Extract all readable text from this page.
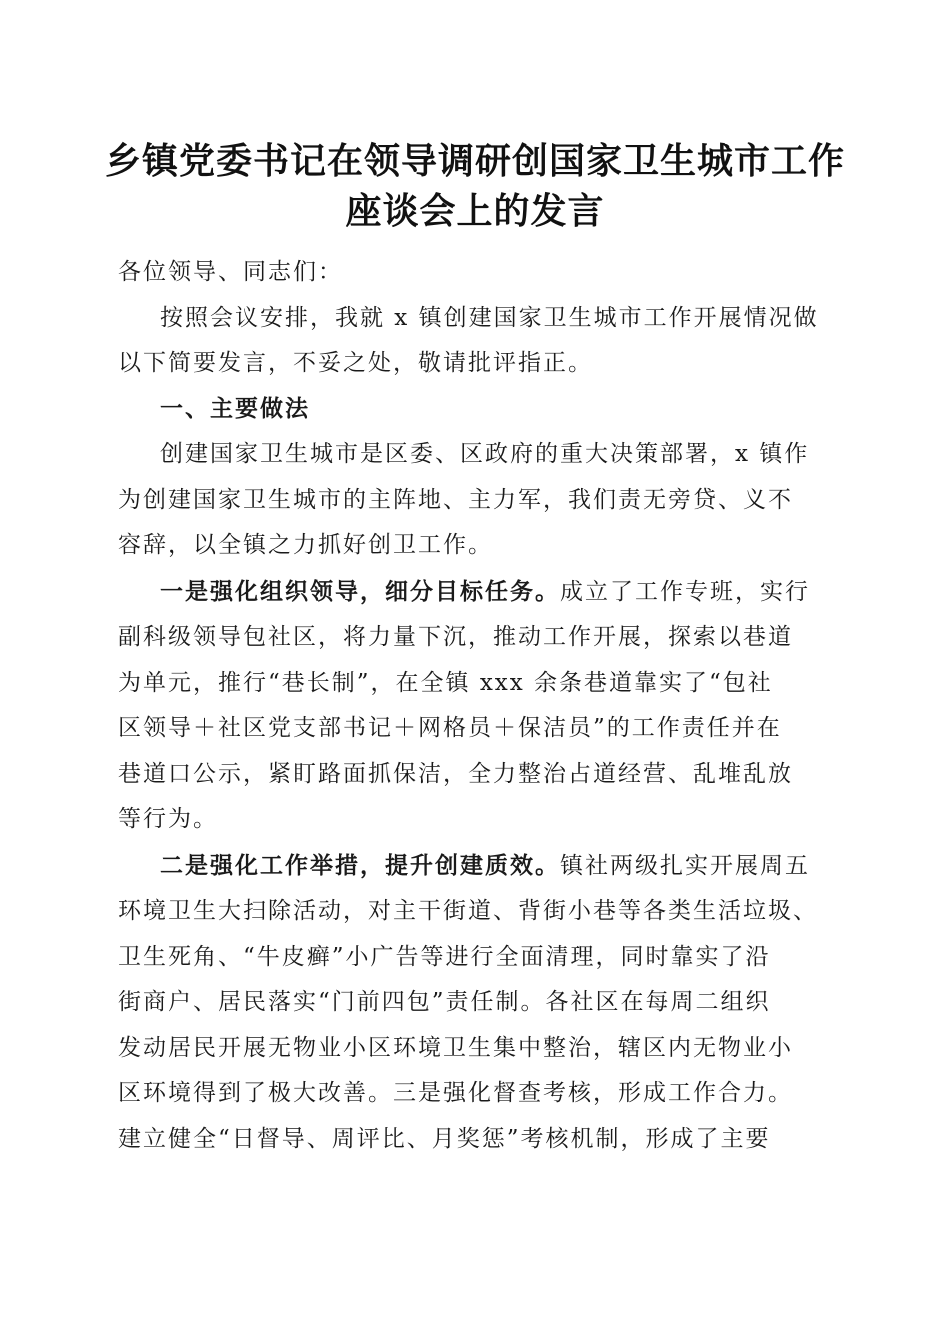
乡镇党委书记在领导调研创国家卫生城市工作
座谈会上的发言

各位领导、同志们：

按照会议安排，我就 x 镇创建国家卫生城市工作开展情况做
以下简要发言，不妥之处，敬请批评指正。

一、主要做法

创建国家卫生城市是区委、区政府的重大决策部署，x 镇作
为创建国家卫生城市的主阵地、主力军，我们责无旁贷、义不
容辞，以全镇之力抓好创卫工作。

一是强化组织领导，细分目标任务。成立了工作专班，实行
副科级领导包社区，将力量下沉，推动工作开展，探索以巷道
为单元，推行“巷长制”，在全镇 xxx 余条巷道靠实了“包社
区领导＋社区党支部书记＋网格员＋保洁员”的工作责任并在
巷道口公示，紧盯路面抓保洁，全力整治占道经营、乱堆乱放
等行为。

二是强化工作举措，提升创建质效。镇社两级扎实开展周五
环境卫生大扫除活动，对主干街道、背街小巷等各类生活垃圾、
卫生死角、“牛皮癣”小广告等进行全面清理，同时靠实了沿
街商户、居民落实“门前四包”责任制。各社区在每周二组织
发动居民开展无物业小区环境卫生集中整治，辖区内无物业小
区环境得到了极大改善。三是强化督查考核，形成工作合力。
建立健全“日督导、周评比、月奖惩”考核机制，形成了主要
